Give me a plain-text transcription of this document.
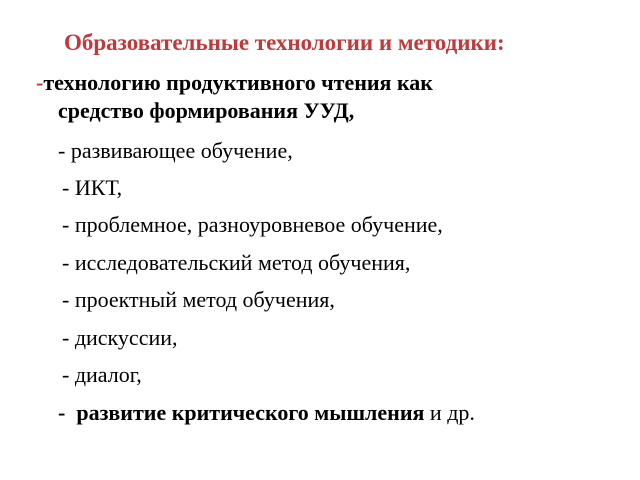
Образовательные технологии и методики:
-технологию продуктивного чтения как
средство формирования УУД,
- развивающее обучение,
- ИКТ,
- проблемное, разноуровневое обучение,
- исследовательский метод обучения,
- проектный метод обучения,
- дискуссии,
- диалог,
- развитие критического мышления и др.
